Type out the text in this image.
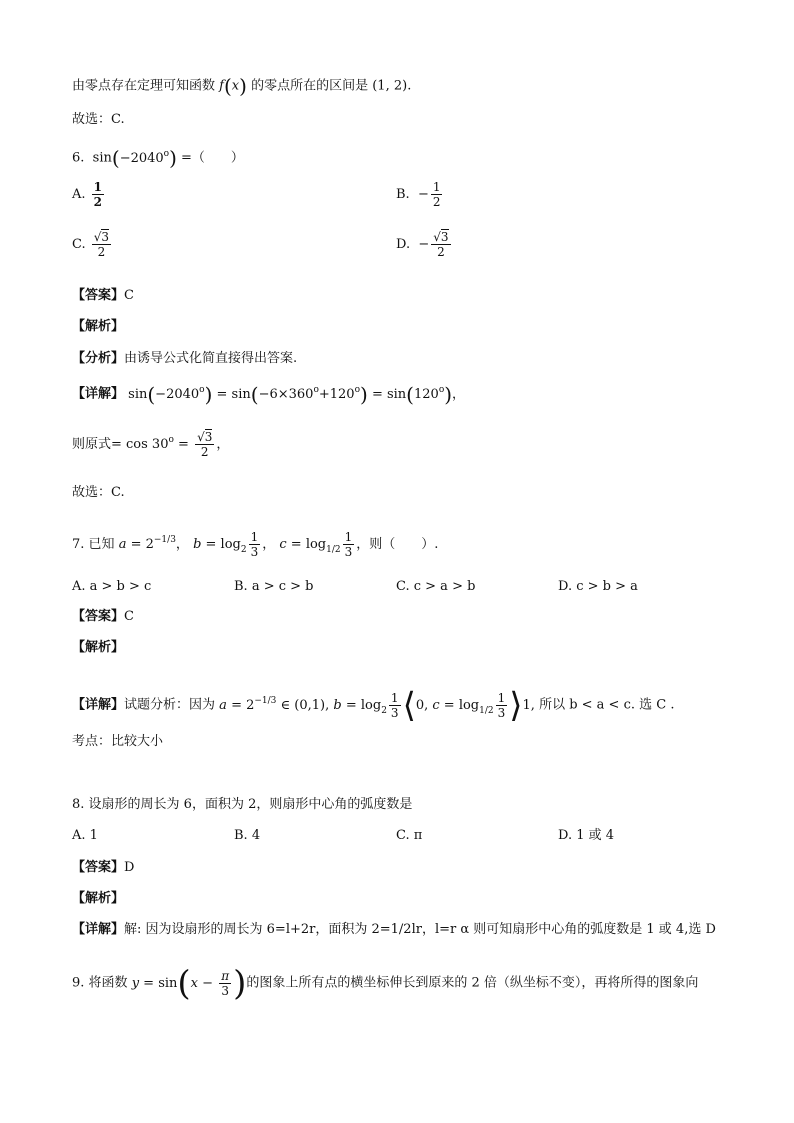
由零点存在定理可知函数 f(x) 的零点所在的区间是 (1, 2).
故选：C.
6.  $\sin(-2040^o)$ =（　　）
A. $\frac{1}{2}$	B.  − $\frac{1}{2}$
C. $\frac{√3}{2}$	D.  − $\frac{√3}{2}$
【答案】C
【解析】
【分析】由诱导公式化简直接得出答案.
【详解】 $\sin(-2040^o) = \sin(-6\times 360^o+120^o) = \sin(120^o)$，
则原式= $\cos 30^o = \frac{√3}{2}$ ，
故选：C.
7. 已知 $a = 2^{-1/3}$， $b = \log_2 \frac{1}{3}$ ， $c = \log_{1/2} \frac{1}{3}$ ，则（　　）.
A. a > b > c	B. a > c > b	C. c > a > b	D. c > b > a
【答案】C
【解析】
【详解】试题分析：因为 $a = 2^{-1/3}$ ∈ (0,1), $b = \log_2 \frac{1}{3}$ ⟨0, $c = \log_{1/2} \frac{1}{3}$ ⟩1, 所以 b < a < c. 选 C .
考点：比较大小
8. 设扇形的周长为 6，面积为 2，则扇形中心角的弧度数是
A. 1	B. 4	C. π	D. 1 或 4
【答案】D
【解析】
【详解】解: 因为设扇形的周长为 6=l+2r，面积为 2=1/2lr，l=r α 则可知扇形中心角的弧度数是 1 或 4,选 D
9. 将函数 $y = \sin(x - \frac{\pi}{3}$ )的图象上所有点的横坐标伸长到原来的 2 倍（纵坐标不变），再将所得的图象向
